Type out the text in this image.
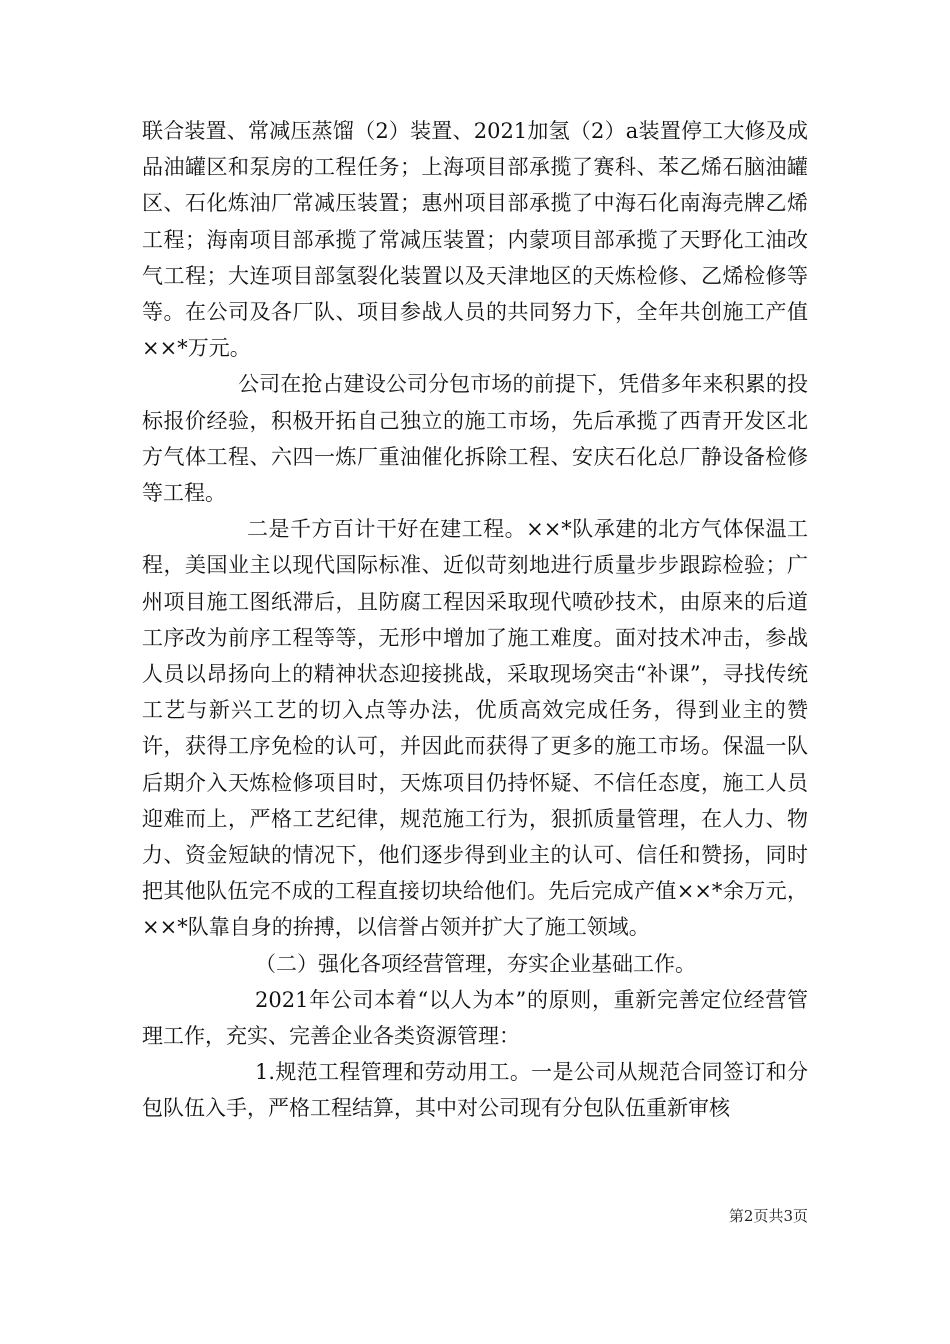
联合装置、常减压蒸馏（2）装置、2021加氢（2）a装置停工大修及成品油罐区和泵房的工程任务；上海项目部承揽了赛科、苯乙烯石脑油罐区、石化炼油厂常减压装置；惠州项目部承揽了中海石化南海壳牌乙烯工程；海南项目部承揽了常减压装置；内蒙项目部承揽了天野化工油改气工程；大连项目部氢裂化装置以及天津地区的天炼检修、乙烯检修等等。在公司及各厂队、项目参战人员的共同努力下，全年共创施工产值××*万元。

公司在抢占建设公司分包市场的前提下，凭借多年来积累的投标报价经验，积极开拓自己独立的施工市场，先后承揽了西青开发区北方气体工程、六四一炼厂重油催化拆除工程、安庆石化总厂静设备检修等工程。

二是千方百计干好在建工程。××*队承建的北方气体保温工程，美国业主以现代国际标准、近似苛刻地进行质量步步跟踪检验；广州项目施工图纸滞后，且防腐工程因采取现代喷砂技术，由原来的后道工序改为前序工程等等，无形中增加了施工难度。面对技术冲击，参战人员以昂扬向上的精神状态迎接挑战，采取现场突击“补课”，寻找传统工艺与新兴工艺的切入点等办法，优质高效完成任务，得到业主的赞许，获得工序免检的认可，并因此而获得了更多的施工市场。保温一队后期介入天炼检修项目时，天炼项目仍持怀疑、不信任态度，施工人员迎难而上，严格工艺纪律，规范施工行为，狠抓质量管理，在人力、物力、资金短缺的情况下，他们逐步得到业主的认可、信任和赞扬，同时把其他队伍完不成的工程直接切块给他们。先后完成产值××*余万元，××*队靠自身的拚搏，以信誉占领并扩大了施工领域。

（二）强化各项经营管理，夯实企业基础工作。

2021年公司本着“以人为本”的原则，重新完善定位经营管理工作，充实、完善企业各类资源管理：

1.规范工程管理和劳动用工。一是公司从规范合同签订和分包队伍入手，严格工程结算，其中对公司现有分包队伍重新审核

第2页共3页
